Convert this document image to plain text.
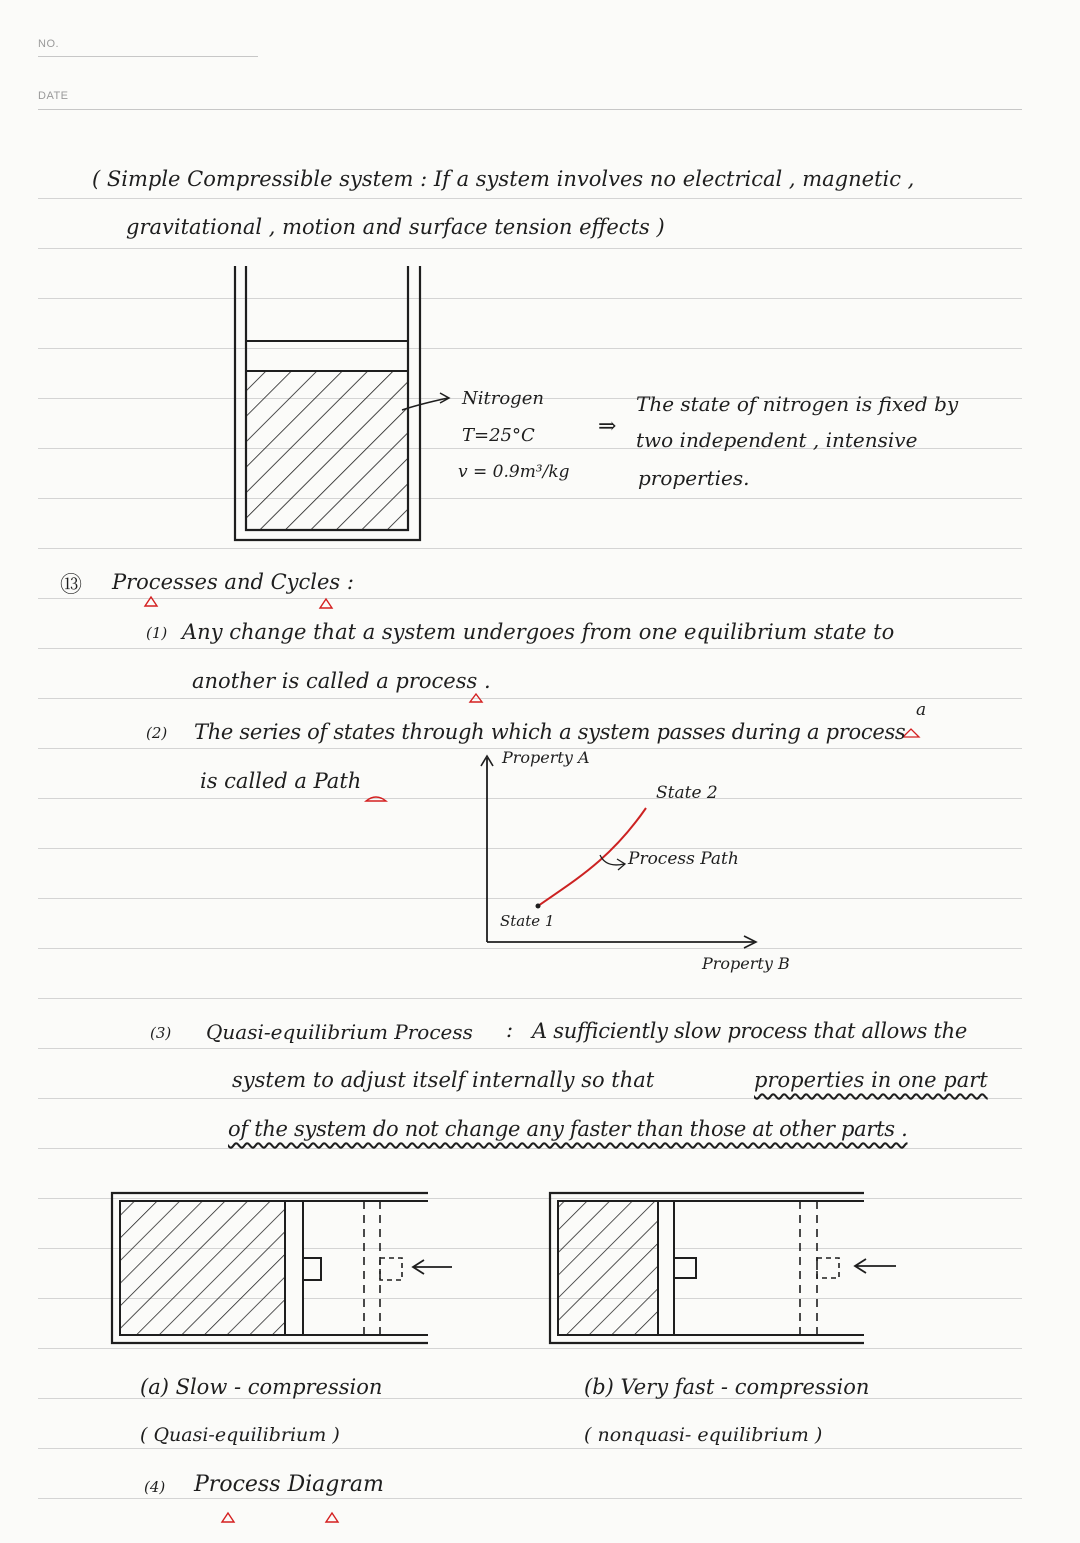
NO.
DATE
( Simple Compressible system : If a system involves no electrical , magnetic ,
gravitational , motion and surface tension effects )
Nitrogen
T=25°C
v = 0.9m³/kg
⇒
The state of nitrogen is fixed by
two independent , intensive
properties.
⑬ Processes and Cycles :
(1) Any change that a system undergoes from one equilibrium state to
another is called a process .
(2) The series of states through which a system passes during a process
a
is called a Path
Property A
Property B
State 1
State 2
Process Path
(3) Quasi-equilibrium Process : A sufficiently slow process that allows the
system to adjust itself internally so that	properties in one part
of the system do not change any faster than those at other parts .
(a) Slow - compression
( Quasi-equilibrium )
(b) Very fast - compression
( nonquasi- equilibrium )
(4) Process Diagram
